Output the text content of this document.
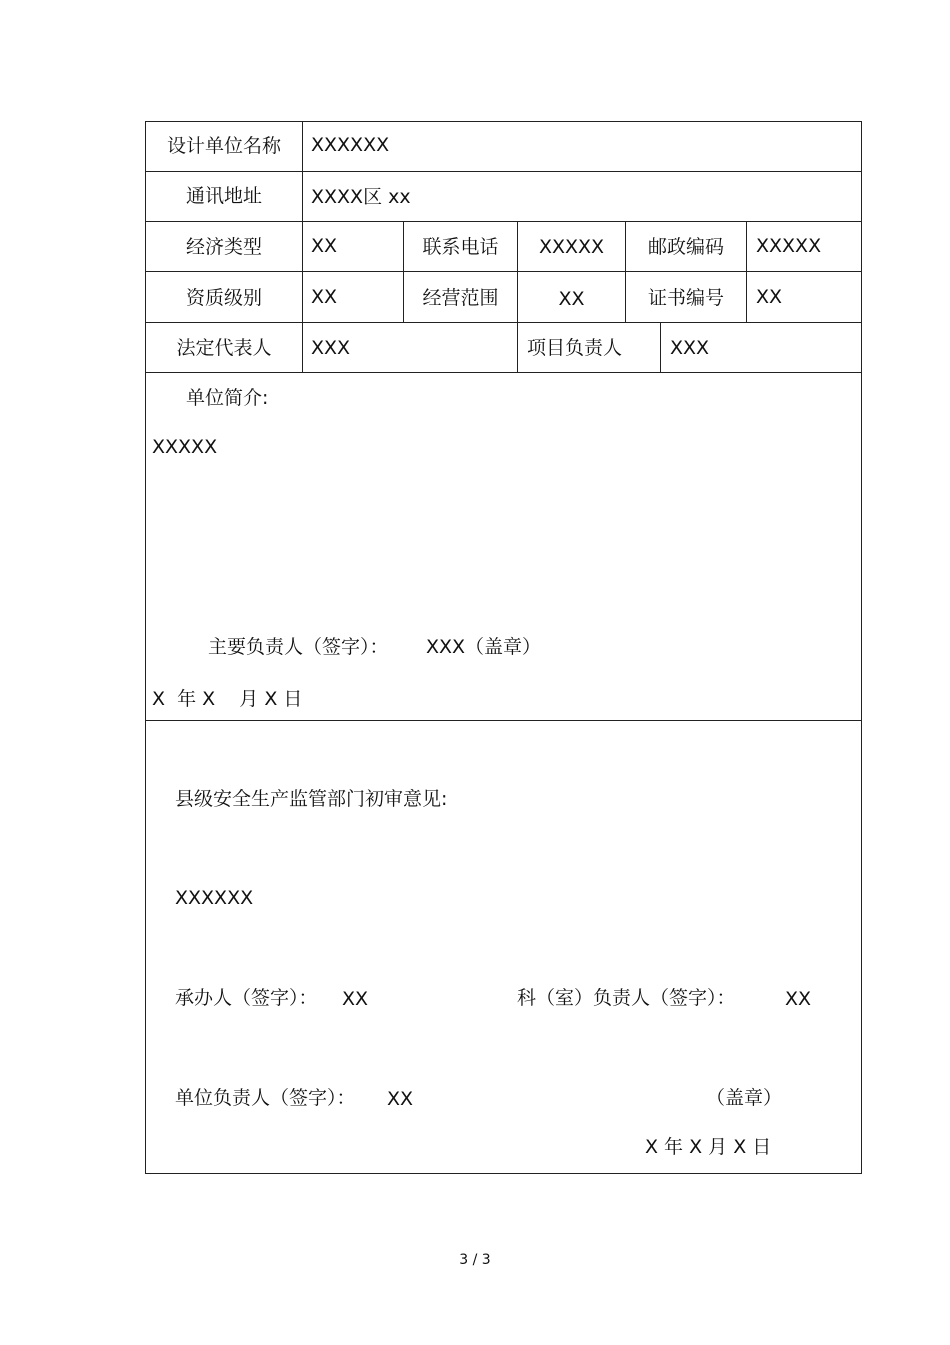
设计单位名称	XXXXXX
通讯地址	XXXX区 xx
经济类型	XX	联系电话	XXXXX	邮政编码	XXXXX
资质级别	XX	经营范围	XX	证书编号	XX
法定代表人	XXX	项目负责人	XXX
单位简介:
XXXXX
主要负责人（签字）： XXX（盖章）
X  年 X    月 X 日
县级安全生产监管部门初审意见:
XXXXXX
承办人（签字）： XX	科（室）负责人（签字）：	XX
单位负责人（签字）： XX	（盖章）
X 年 X 月 X 日
3 / 3
